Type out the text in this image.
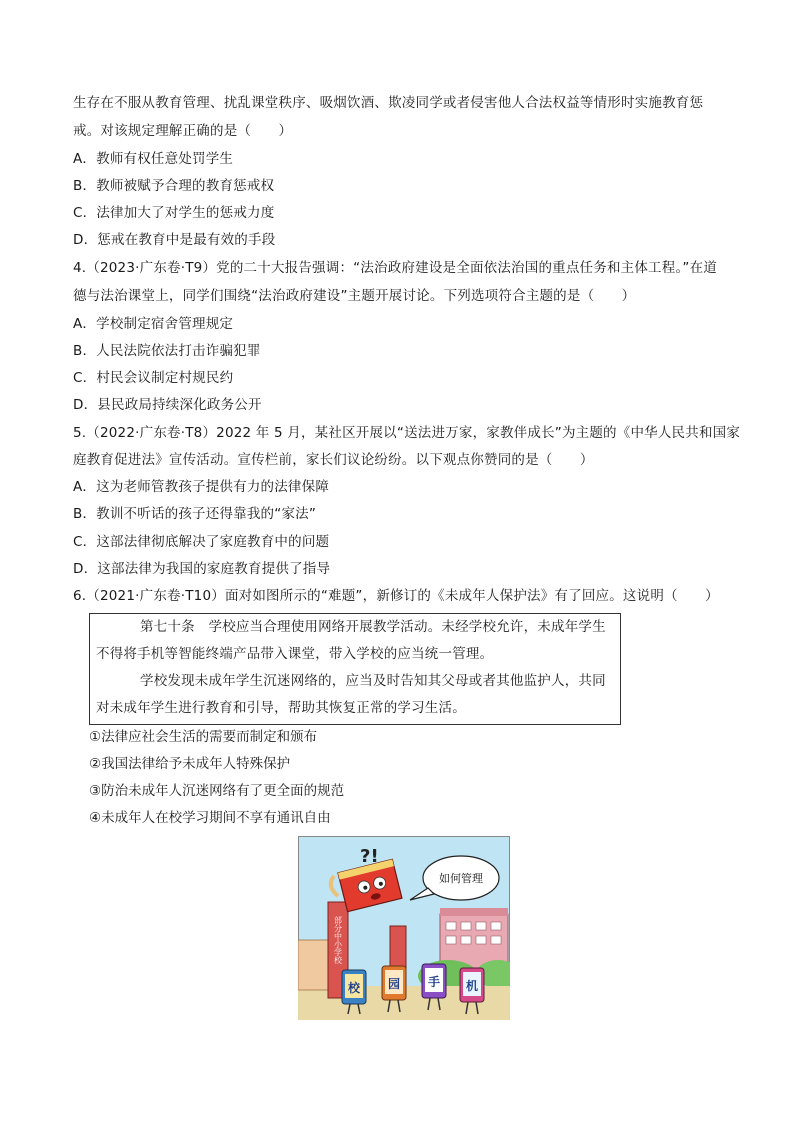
生存在不服从教育管理、扰乱课堂秩序、吸烟饮酒、欺凌同学或者侵害他人合法权益等情形时实施教育惩
戒。对该规定理解正确的是（　　）
A．教师有权任意处罚学生
B．教师被赋予合理的教育惩戒权
C．法律加大了对学生的惩戒力度
D．惩戒在教育中是最有效的手段
4.（2023·广东卷·T9）党的二十大报告强调：“法治政府建设是全面依法治国的重点任务和主体工程。”在道
德与法治课堂上，同学们围绕“法治政府建设”主题开展讨论。下列选项符合主题的是（　　）
A．学校制定宿舍管理规定
B．人民法院依法打击诈骗犯罪
C．村民会议制定村规民约
D．县民政局持续深化政务公开
5.（2022·广东卷·T8）2022 年 5 月，某社区开展以“送法进万家，家教伴成长”为主题的《中华人民共和国家
庭教育促进法》宣传活动。宣传栏前，家长们议论纷纷。以下观点你赞同的是（　　）
A．这为老师管教孩子提供有力的法律保障
B．教训不听话的孩子还得靠我的“家法”
C．这部法律彻底解决了家庭教育中的问题
D．这部法律为我国的家庭教育提供了指导
6.（2021·广东卷·T10）面对如图所示的“难题”，新修订的《未成年人保护法》有了回应。这说明（　　）
第七十条　学校应当合理使用网络开展教学活动。未经学校允许，未成年学生
不得将手机等智能终端产品带入课堂，带入学校的应当统一管理。
学校发现未成年学生沉迷网络的，应当及时告知其父母或者其他监护人，共同
对未成年学生进行教育和引导，帮助其恢复正常的学习生活。
①法律应社会生活的需要而制定和颁布
②我国法律给予未成年人特殊保护
③防治未成年人沉迷网络有了更全面的规范
④未成年人在校学习期间不享有通讯自由
部分中小学校
?!
如何管理
校 园 手 机
